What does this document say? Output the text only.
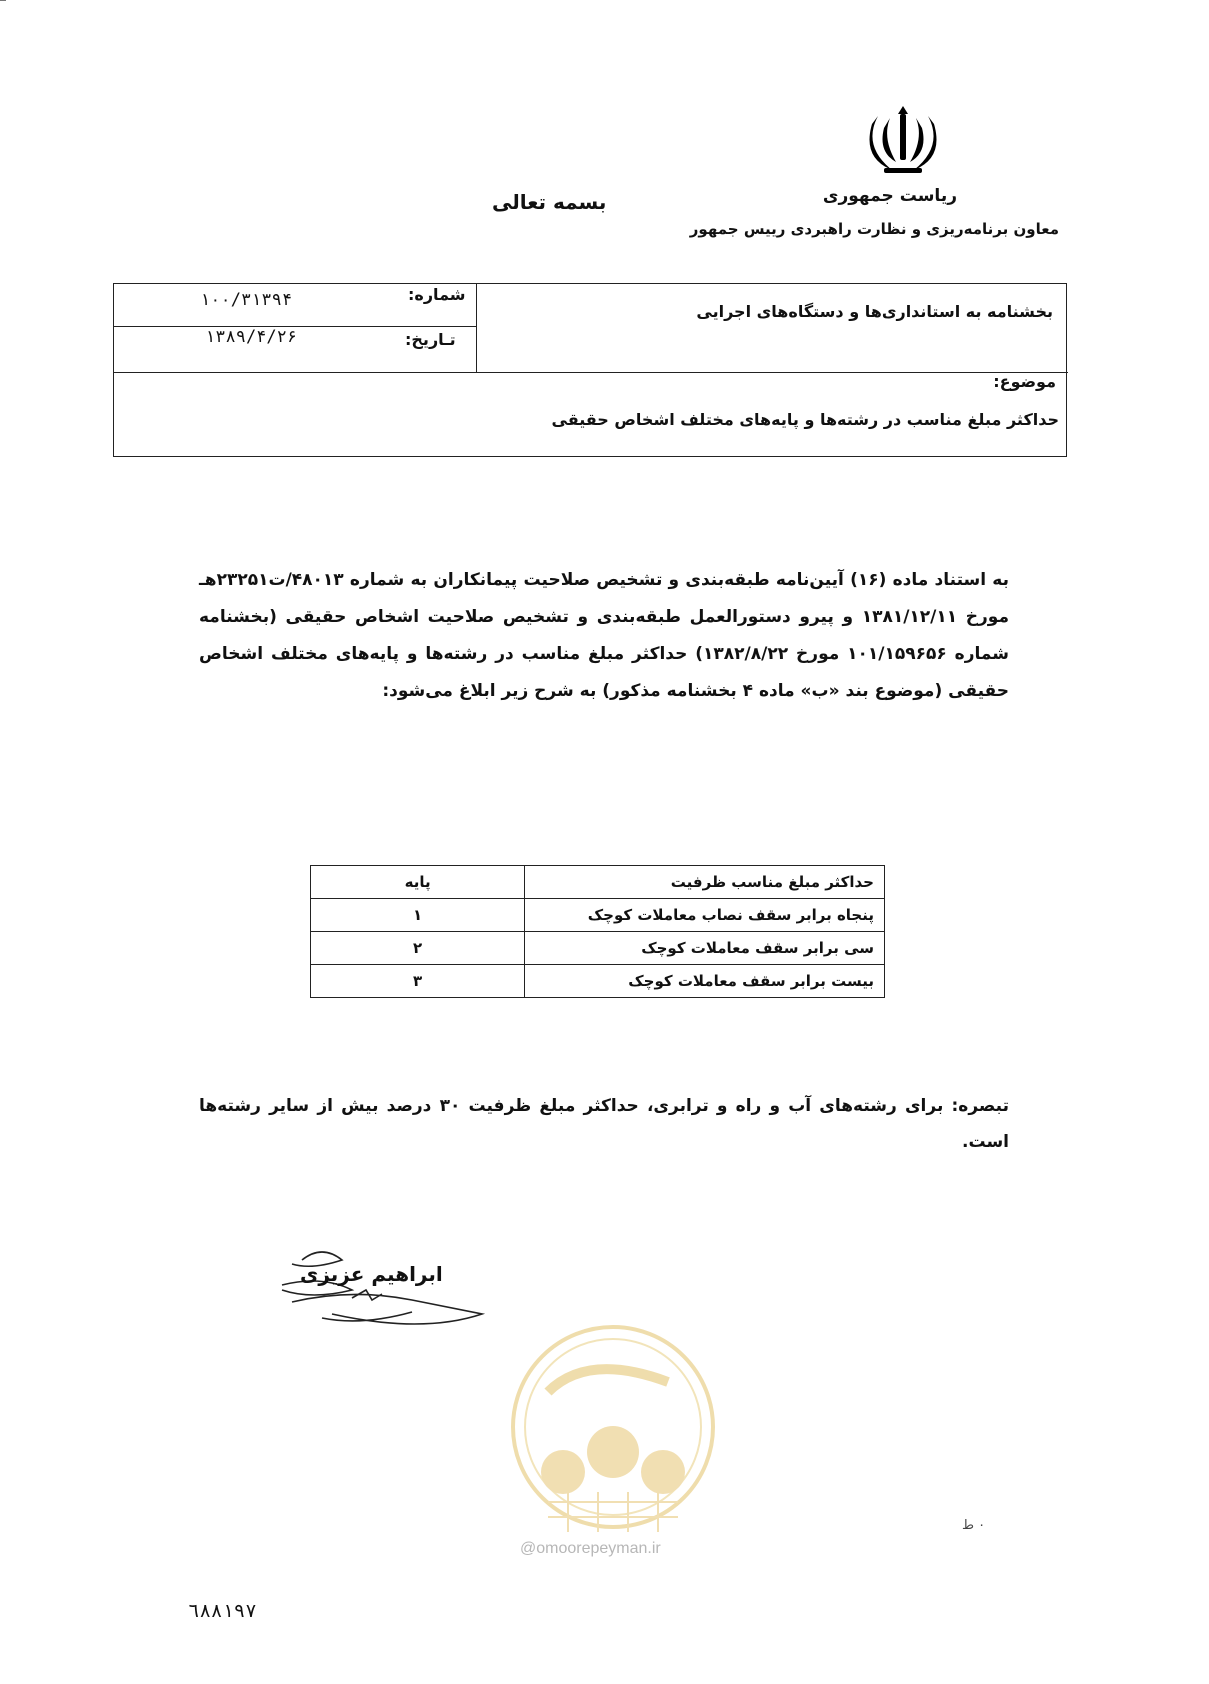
ریاست جمهوری
معاون برنامه‌ریزی و نظارت راهبردی رییس جمهور
بسمه تعالی
بخشنامه به استانداری‌ها و دستگاه‌های اجرایی
شماره:
۱۰۰/۳۱۳۹۴
تـاریخ:
۱۳۸۹/۴/۲۶
موضوع:
حداکثر مبلغ مناسب در رشته‌ها و پایه‌های مختلف اشخاص حقیقی
به استناد ماده (۱۶) آیین‌نامه طبقه‌بندی و تشخیص صلاحیت پیمانکاران به شماره ۴۸۰۱۳/ت۲۳۲۵۱هـ مورخ ۱۳۸۱/۱۲/۱۱ و پیرو دستورالعمل طبقه‌بندی و تشخیص صلاحیت اشخاص حقیقی (بخشنامه شماره ۱۰۱/۱۵۹۶۵۶ مورخ ۱۳۸۲/۸/۲۲) حداکثر مبلغ مناسب در رشته‌ها و پایه‌های مختلف اشخاص حقیقی (موضوع بند «ب» ماده ۴ بخشنامه مذکور) به شرح زیر ابلاغ می‌شود:
حداکثر مبلغ مناسب ظرفیت	پایه
پنجاه برابر سقف نصاب معاملات کوچک	۱
سی برابر سقف معاملات کوچک	۲
بیست برابر سقف معاملات کوچک	۳
تبصره: برای رشته‌های آب و راه و ترابری، حداکثر مبلغ ظرفیت ۳۰ درصد بیش از سایر رشته‌ها است.
ابراهیم عزیزی
@omoorepeyman.ir
۰ ط
٦٨٨١٩٧
